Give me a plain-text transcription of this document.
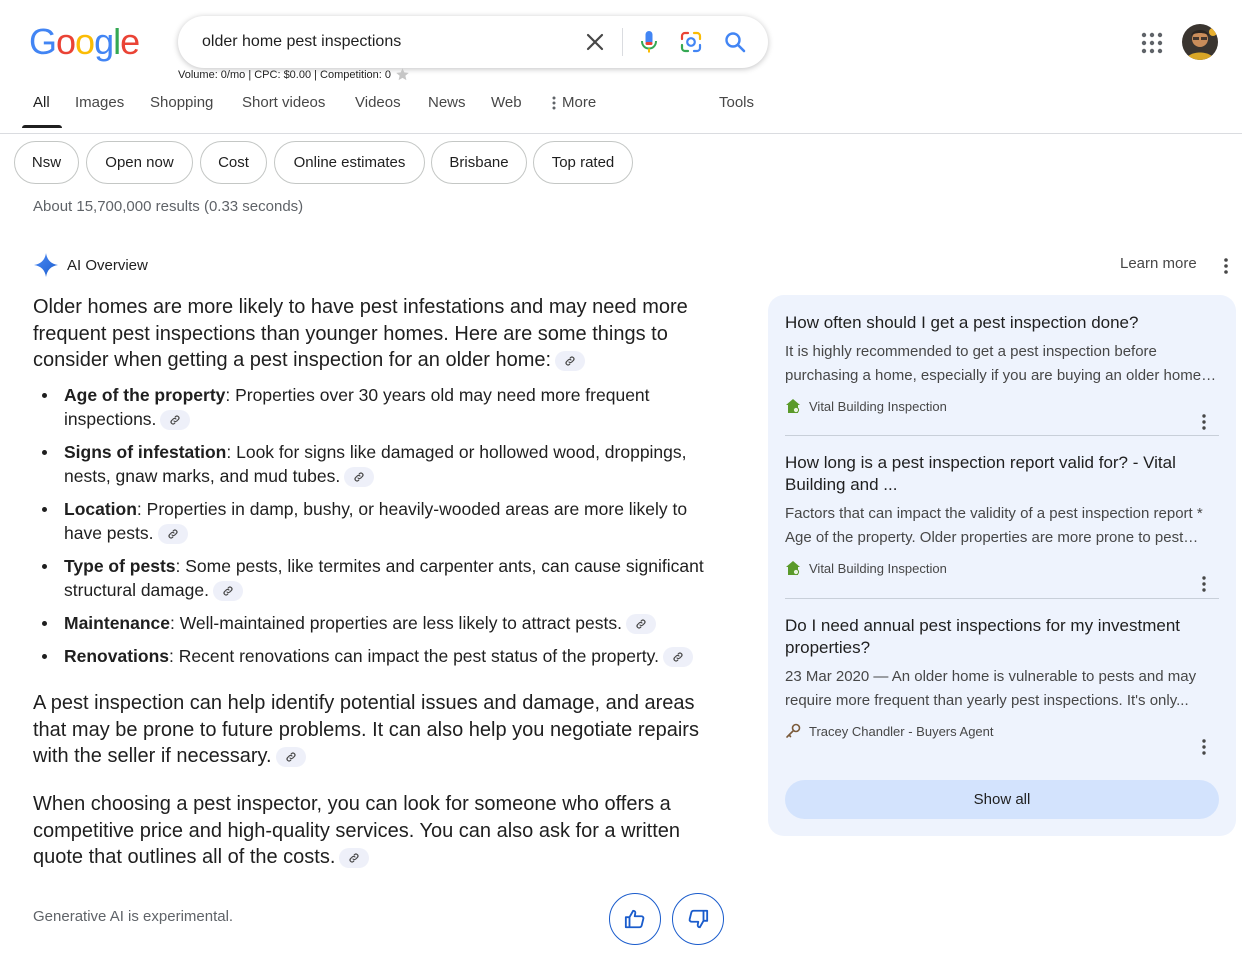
Google
older home pest inspections
Volume: 0/mo | CPC: $0.00 | Competition: 0
All Images Shopping Short videos Videos News Web	More	Tools
Nsw	Open now	Cost	Online estimates	Brisbane	Top rated
About 15,700,000 results (0.33 seconds)
AI Overview	Learn more
Older homes are more likely to have pest infestations and may need more frequent pest inspections than younger homes. Here are some things to consider when getting a pest inspection for an older home:
Age of the property: Properties over 30 years old may need more frequent inspections.
Signs of infestation: Look for signs like damaged or hollowed wood, droppings, nests, gnaw marks, and mud tubes.
Location: Properties in damp, bushy, or heavily-wooded areas are more likely to have pests.
Type of pests: Some pests, like termites and carpenter ants, can cause significant structural damage.
Maintenance: Well-maintained properties are less likely to attract pests.
Renovations: Recent renovations can impact the pest status of the property.
A pest inspection can help identify potential issues and damage, and areas that may be prone to future problems. It can also help you negotiate repairs with the seller if necessary.
When choosing a pest inspector, you can look for someone who offers a competitive price and high-quality services. You can also ask for a written quote that outlines all of the costs.
Generative AI is experimental.
How often should I get a pest inspection done?
It is highly recommended to get a pest inspection before purchasing a home, especially if you are buying an older home or
Vital Building Inspection
How long is a pest inspection report valid for? - Vital Building and ...
Factors that can impact the validity of a pest inspection report * Age of the property. Older properties are more prone to pest
Vital Building Inspection
Do I need annual pest inspections for my investment properties?
23 Mar 2020 — An older home is vulnerable to pests and may require more frequent than yearly pest inspections. It's only...
Tracey Chandler - Buyers Agent
Show all
